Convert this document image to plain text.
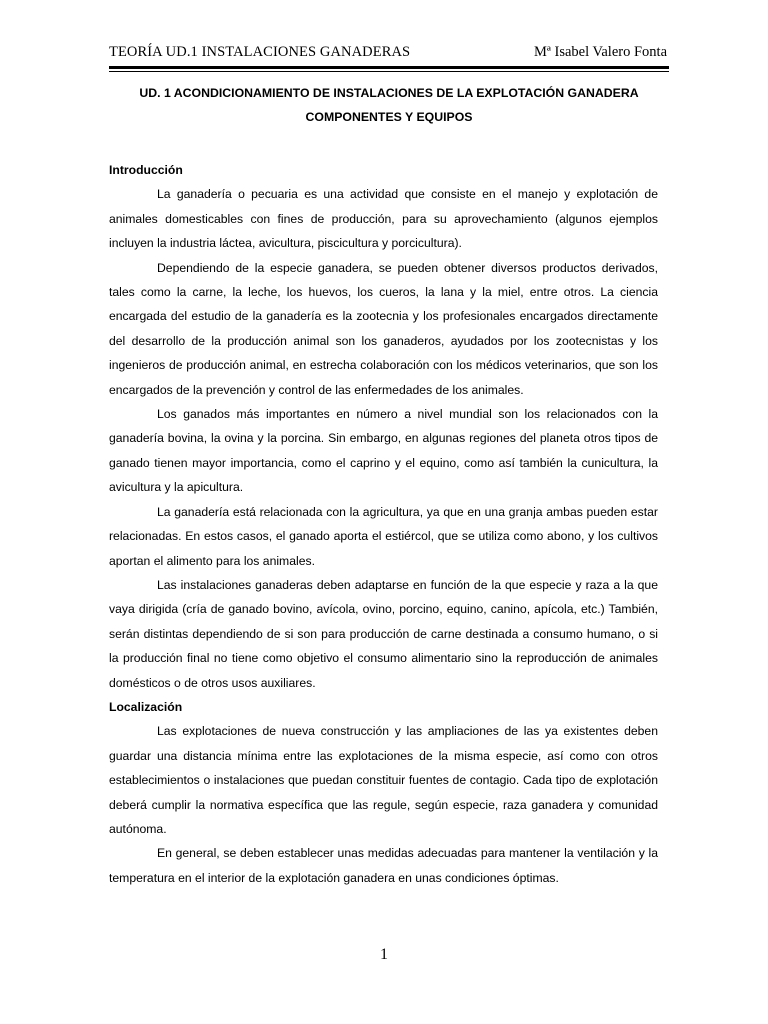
TEORÍA UD.1 INSTALACIONES GANADERAS	Mª Isabel Valero Fonta
UD. 1 ACONDICIONAMIENTO DE INSTALACIONES DE LA EXPLOTACIÓN GANADERA
COMPONENTES Y EQUIPOS

Introducción

La ganadería o pecuaria es una actividad que consiste en el manejo y explotación de animales domesticables con fines de producción, para su aprovechamiento (algunos ejemplos incluyen la industria láctea, avicultura, piscicultura y porcicultura).

Dependiendo de la especie ganadera, se pueden obtener diversos productos derivados, tales como la carne, la leche, los huevos, los cueros, la lana y la miel, entre otros. La ciencia encargada del estudio de la ganadería es la zootecnia y los profesionales encargados directamente del desarrollo de la producción animal son los ganaderos, ayudados por los zootecnistas y los ingenieros de producción animal, en estrecha colaboración con los médicos veterinarios, que son los encargados de la prevención y control de las enfermedades de los animales.

Los ganados más importantes en número a nivel mundial son los relacionados con la ganadería bovina, la ovina y la porcina. Sin embargo, en algunas regiones del planeta otros tipos de ganado tienen mayor importancia, como el caprino y el equino, como así también la cunicultura, la avicultura y la apicultura.

La ganadería está relacionada con la agricultura, ya que en una granja ambas pueden estar relacionadas. En estos casos, el ganado aporta el estiércol, que se utiliza como abono, y los cultivos aportan el alimento para los animales.

Las instalaciones ganaderas deben adaptarse en función de la que especie y raza a la que vaya dirigida (cría de ganado bovino, avícola, ovino, porcino, equino, canino, apícola, etc.) También, serán distintas dependiendo de si son para producción de carne destinada a consumo humano, o si la producción final no tiene como objetivo el consumo alimentario sino la reproducción de animales domésticos o de otros usos auxiliares.

Localización

Las explotaciones de nueva construcción y las ampliaciones de las ya existentes deben guardar una distancia mínima entre las explotaciones de la misma especie, así como con otros establecimientos o instalaciones que puedan constituir fuentes de contagio. Cada tipo de explotación deberá cumplir la normativa específica que las regule, según especie, raza ganadera y comunidad autónoma.

En general, se deben establecer unas medidas adecuadas para mantener la ventilación y la temperatura en el interior de la explotación ganadera en unas condiciones óptimas.

1
